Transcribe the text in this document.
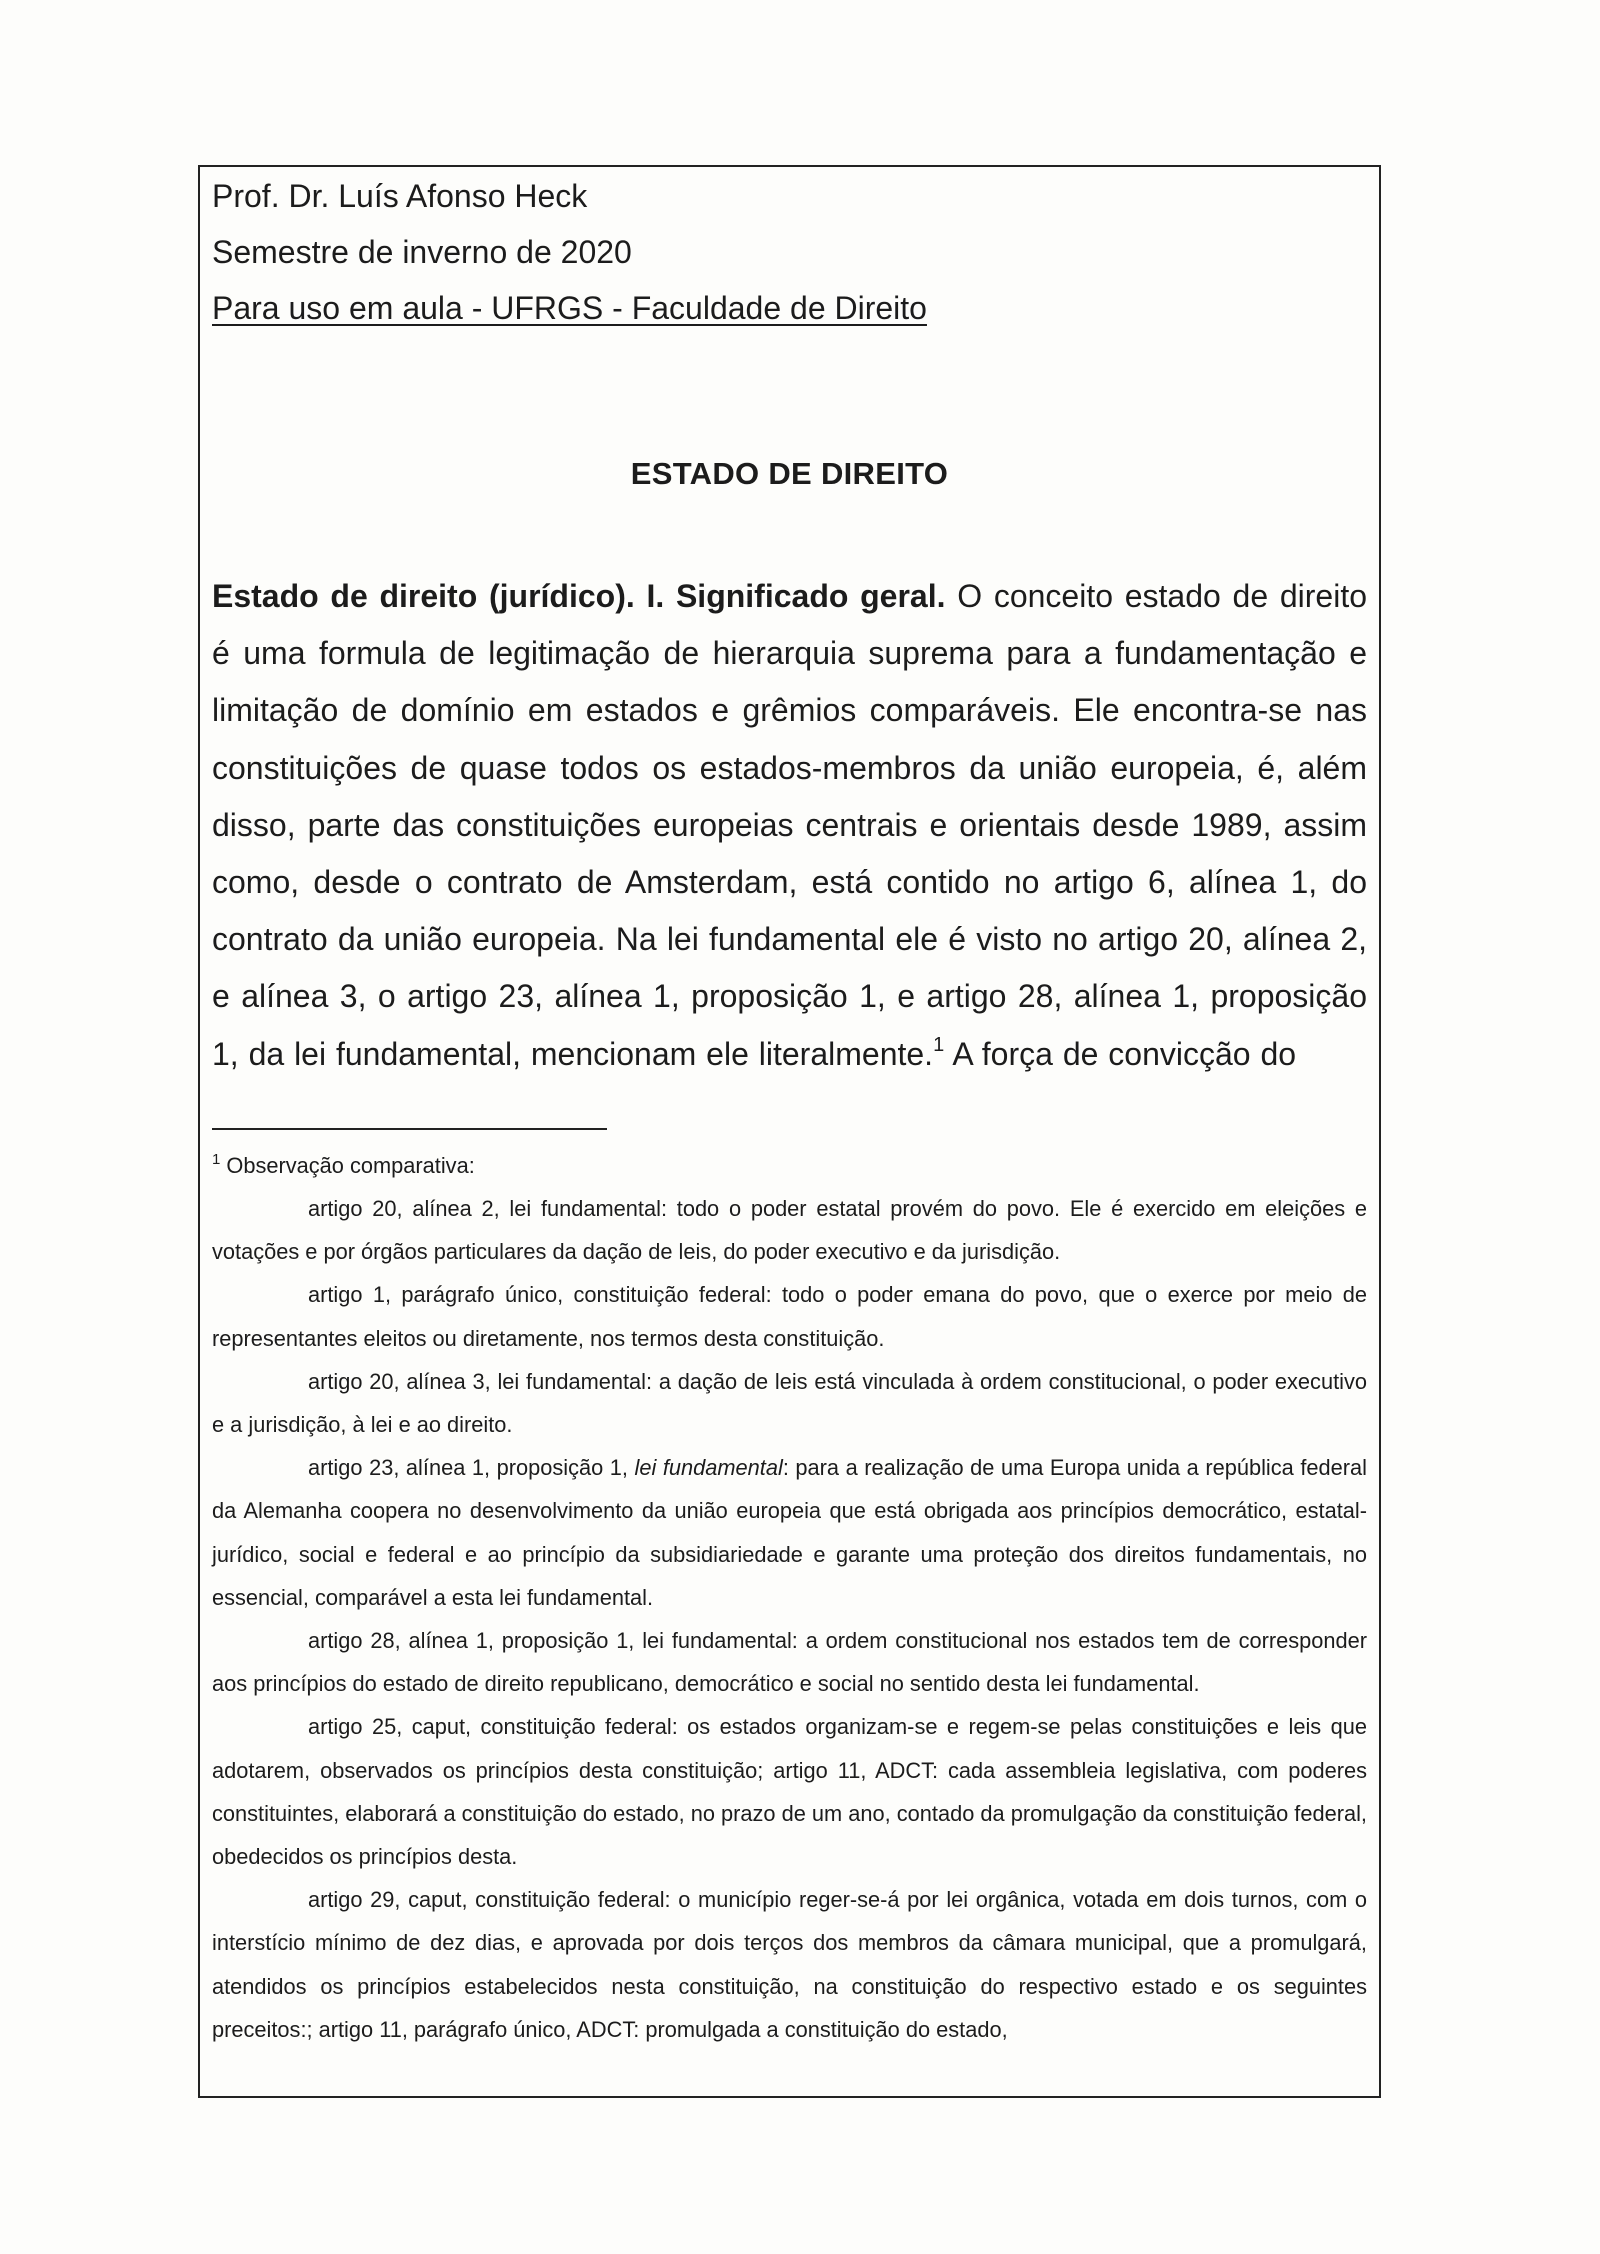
Prof. Dr. Luís Afonso Heck
Semestre de inverno de 2020
Para uso em aula - UFRGS - Faculdade de Direito
ESTADO DE DIREITO
Estado de direito (jurídico). I. Significado geral. O conceito estado de direito é uma formula de legitimação de hierarquia suprema para a fundamentação e limitação de domínio em estados e grêmios comparáveis. Ele encontra-se nas constituições de quase todos os estados-membros da união europeia, é, além disso, parte das constituições europeias centrais e orientais desde 1989, assim como, desde o contrato de Amsterdam, está contido no artigo 6, alínea 1, do contrato da união europeia. Na lei fundamental ele é visto no artigo 20, alínea 2, e alínea 3, o artigo 23, alínea 1, proposição 1, e artigo 28, alínea 1, proposição 1, da lei fundamental, mencionam ele literalmente.$^1$ A força de convicção do

$^1$ Observação comparativa:

artigo 20, alínea 2, lei fundamental: todo o poder estatal provém do povo. Ele é exercido em eleições e votações e por órgãos particulares da dação de leis, do poder executivo e da jurisdição.

artigo 1, parágrafo único, constituição federal: todo o poder emana do povo, que o exerce por meio de representantes eleitos ou diretamente, nos termos desta constituição.

artigo 20, alínea 3, lei fundamental: a dação de leis está vinculada à ordem constitucional, o poder executivo e a jurisdição, à lei e ao direito.

artigo 23, alínea 1, proposição 1, lei fundamental: para a realização de uma Europa unida a república federal da Alemanha coopera no desenvolvimento da união europeia que está obrigada aos princípios democrático, estatal-jurídico, social e federal e ao princípio da subsidiariedade e garante uma proteção dos direitos fundamentais, no essencial, comparável a esta lei fundamental.

artigo 28, alínea 1, proposição 1, lei fundamental: a ordem constitucional nos estados tem de corresponder aos princípios do estado de direito republicano, democrático e social no sentido desta lei fundamental.

artigo 25, caput, constituição federal: os estados organizam-se e regem-se pelas constituições e leis que adotarem, observados os princípios desta constituição; artigo 11, ADCT: cada assembleia legislativa, com poderes constituintes, elaborará a constituição do estado, no prazo de um ano, contado da promulgação da constituição federal, obedecidos os princípios desta.

artigo 29, caput, constituição federal: o município reger-se-á por lei orgânica, votada em dois turnos, com o interstício mínimo de dez dias, e aprovada por dois terços dos membros da câmara municipal, que a promulgará, atendidos os princípios estabelecidos nesta constituição, na constituição do respectivo estado e os seguintes preceitos:; artigo 11, parágrafo único, ADCT: promulgada a constituição do estado,
